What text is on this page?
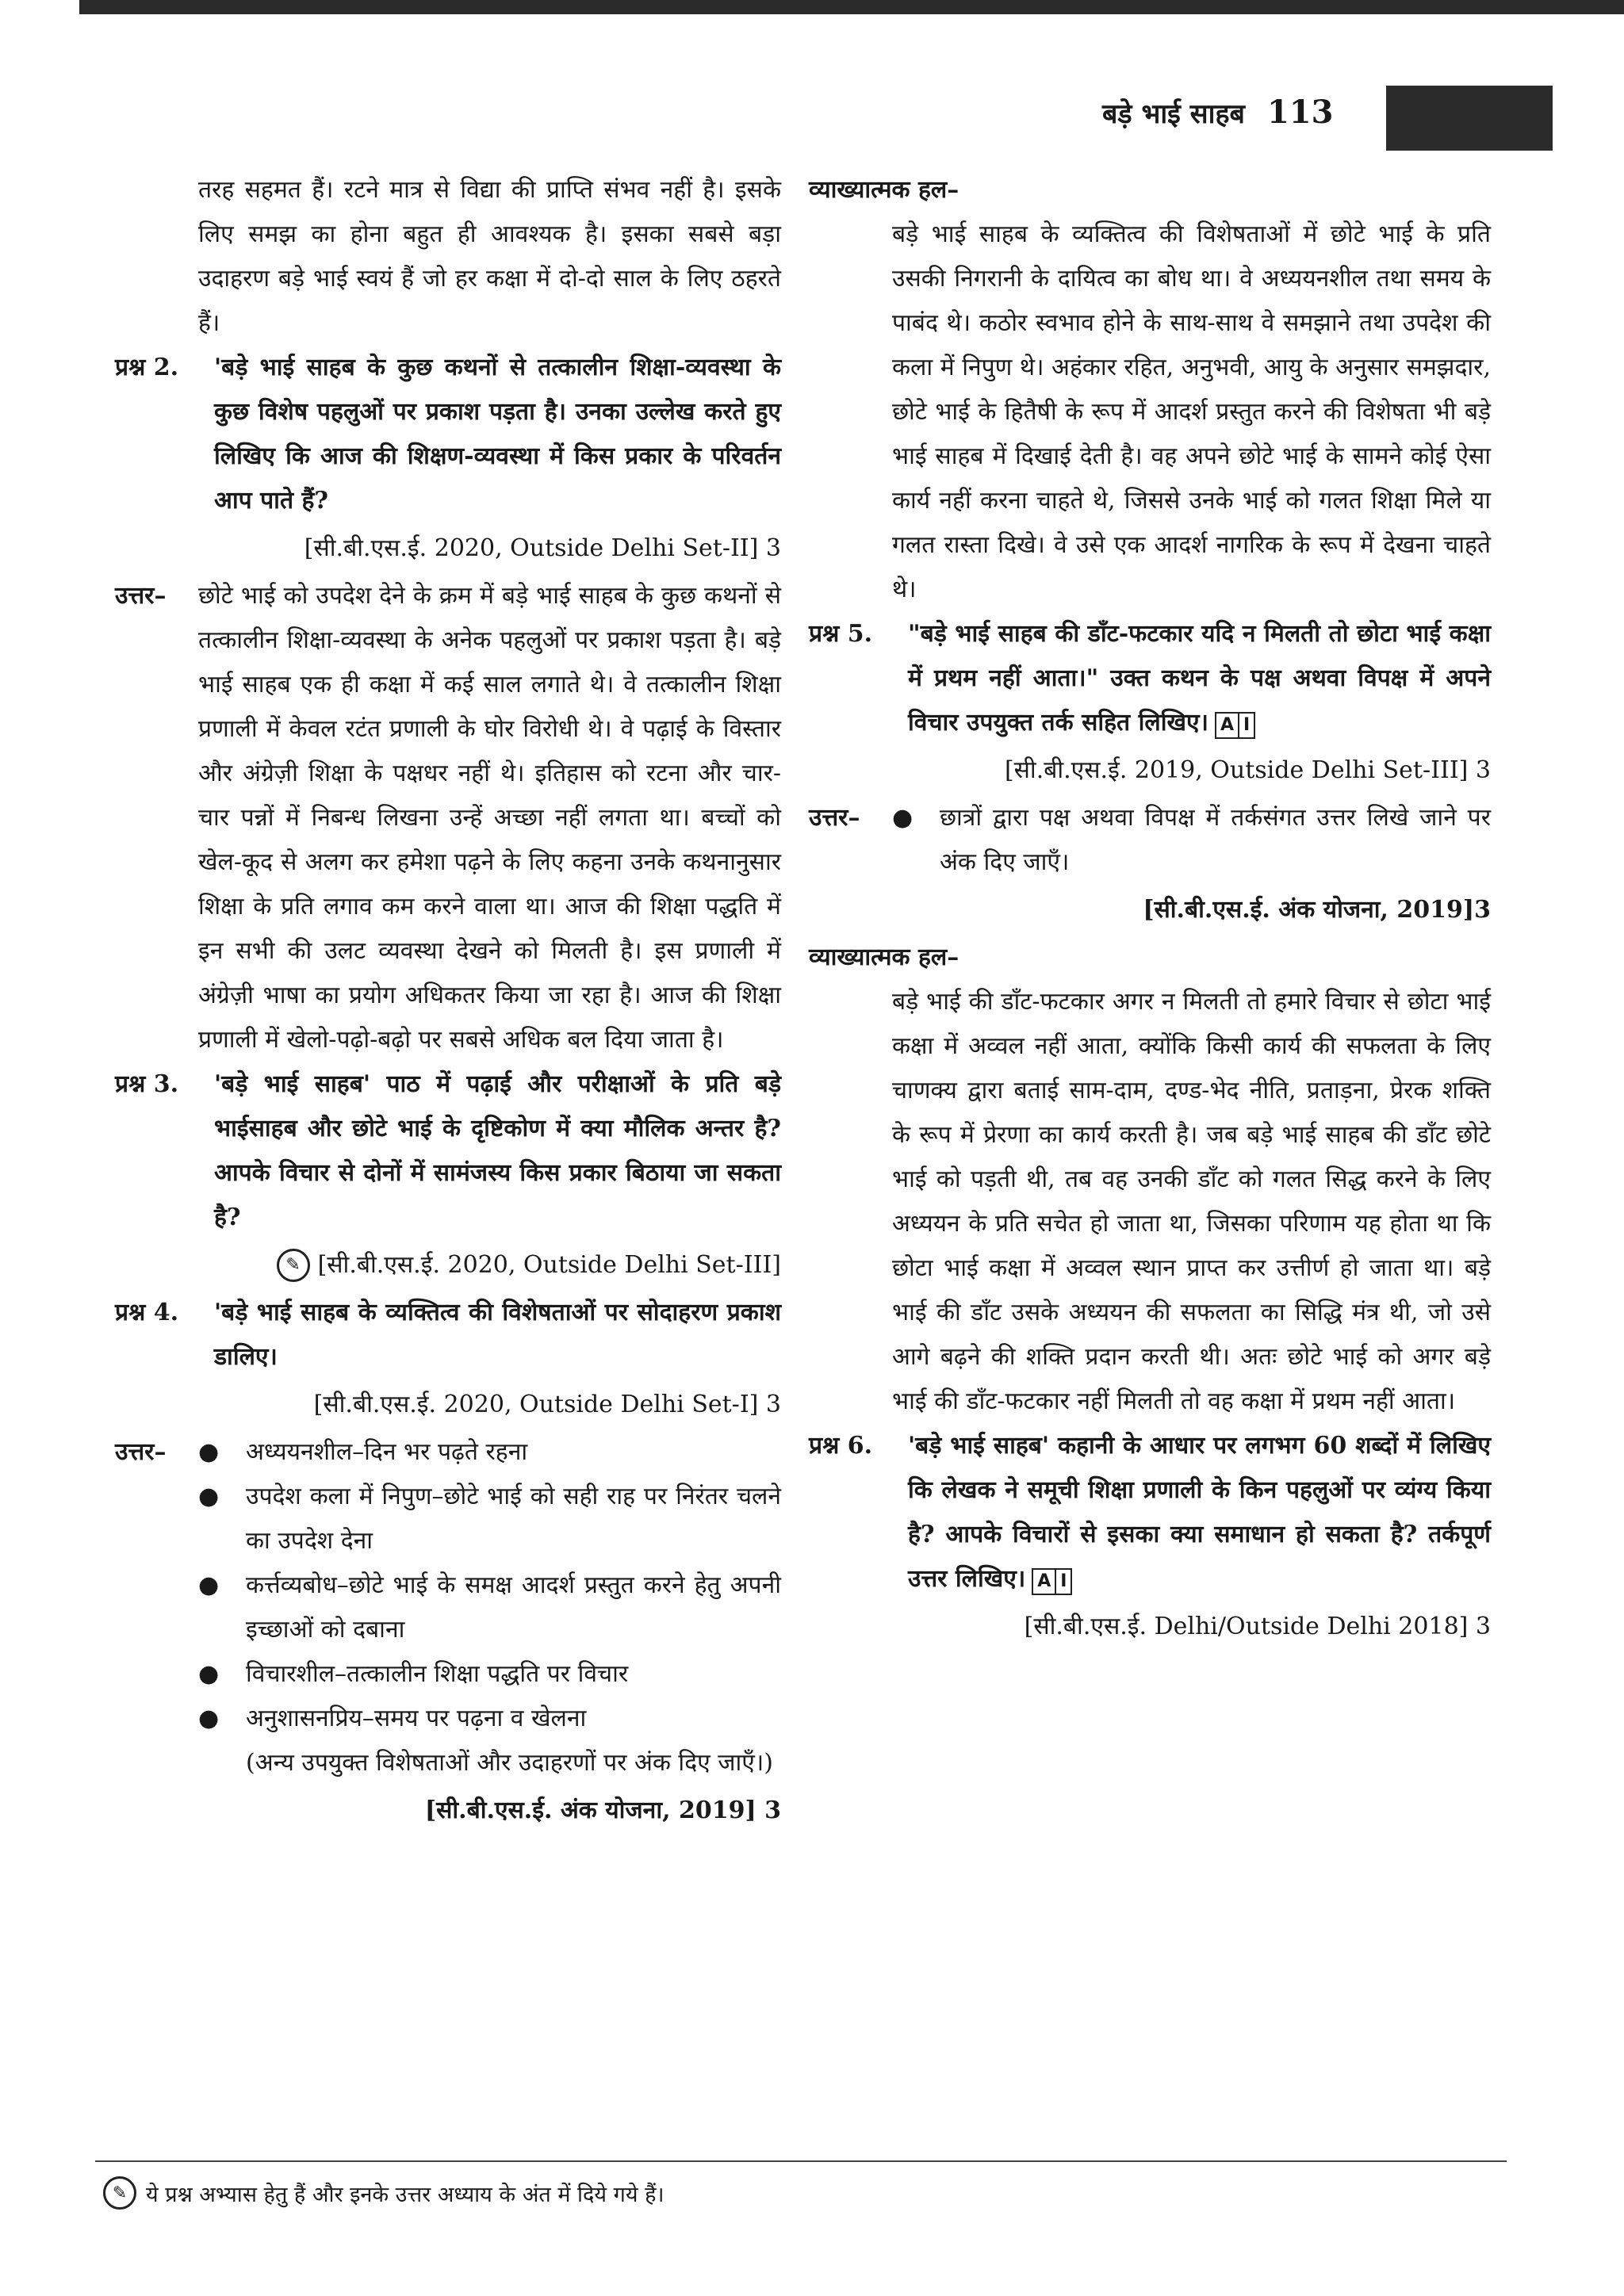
बड़े भाई साहब 113

तरह सहमत हैं। रटने मात्र से विद्या की प्राप्ति संभव नहीं है। इसके लिए समझ का होना बहुत ही आवश्यक है। इसका सबसे बड़ा उदाहरण बड़े भाई स्वयं हैं जो हर कक्षा में दो-दो साल के लिए ठहरते हैं।

प्रश्न 2.	'बड़े भाई साहब के कुछ कथनों से तत्कालीन शिक्षा-व्यवस्था के कुछ विशेष पहलुओं पर प्रकाश पड़ता है। उनका उल्लेख करते हुए लिखिए कि आज की शिक्षण-व्यवस्था में किस प्रकार के परिवर्तन आप पाते हैं?
[सी.बी.एस.ई. 2020, Outside Delhi Set-II] 3
उत्तर–	छोटे भाई को उपदेश देने के क्रम में बड़े भाई साहब के कुछ कथनों से तत्कालीन शिक्षा-व्यवस्था के अनेक पहलुओं पर प्रकाश पड़ता है। बड़े भाई साहब एक ही कक्षा में कई साल लगाते थे। वे तत्कालीन शिक्षा प्रणाली में केवल रटंत प्रणाली के घोर विरोधी थे। वे पढ़ाई के विस्तार और अंग्रेज़ी शिक्षा के पक्षधर नहीं थे। इतिहास को रटना और चार-चार पन्नों में निबन्ध लिखना उन्हें अच्छा नहीं लगता था। बच्चों को खेल-कूद से अलग कर हमेशा पढ़ने के लिए कहना उनके कथनानुसार शिक्षा के प्रति लगाव कम करने वाला था। आज की शिक्षा पद्धति में इन सभी की उलट व्यवस्था देखने को मिलती है। इस प्रणाली में अंग्रेज़ी भाषा का प्रयोग अधिकतर किया जा रहा है। आज की शिक्षा प्रणाली में खेलो-पढ़ो-बढ़ो पर सबसे अधिक बल दिया जाता है।
प्रश्न 3.	'बड़े भाई साहब' पाठ में पढ़ाई और परीक्षाओं के प्रति बड़े भाईसाहब और छोटे भाई के दृष्टिकोण में क्या मौलिक अन्तर है? आपके विचार से दोनों में सामंजस्य किस प्रकार बिठाया जा सकता है?
✎ [सी.बी.एस.ई. 2020, Outside Delhi Set-III]
प्रश्न 4.	'बड़े भाई साहब के व्यक्तित्व की विशेषताओं पर सोदाहरण प्रकाश डालिए।
[सी.बी.एस.ई. 2020, Outside Delhi Set-I] 3
उत्तर–	●	अध्ययनशील–दिन भर पढ़ते रहना
●	उपदेश कला में निपुण–छोटे भाई को सही राह पर निरंतर चलने का उपदेश देना
●	कर्त्तव्यबोध–छोटे भाई के समक्ष आदर्श प्रस्तुत करने हेतु अपनी इच्छाओं को दबाना
●	विचारशील–तत्कालीन शिक्षा पद्धति पर विचार
●	अनुशासनप्रिय–समय पर पढ़ना व खेलना
(अन्य उपयुक्त विशेषताओं और उदाहरणों पर अंक दिए जाएँ।)
[सी.बी.एस.ई. अंक योजना, 2019] 3

व्याख्यात्मक हल–

बड़े भाई साहब के व्यक्तित्व की विशेषताओं में छोटे भाई के प्रति उसकी निगरानी के दायित्व का बोध था। वे अध्ययनशील तथा समय के पाबंद थे। कठोर स्वभाव होने के साथ-साथ वे समझाने तथा उपदेश की कला में निपुण थे। अहंकार रहित, अनुभवी, आयु के अनुसार समझदार, छोटे भाई के हितैषी के रूप में आदर्श प्रस्तुत करने की विशेषता भी बड़े भाई साहब में दिखाई देती है। वह अपने छोटे भाई के सामने कोई ऐसा कार्य नहीं करना चाहते थे, जिससे उनके भाई को गलत शिक्षा मिले या गलत रास्ता दिखे। वे उसे एक आदर्श नागरिक के रूप में देखना चाहते थे।

प्रश्न 5.	"बड़े भाई साहब की डाँट-फटकार यदि न मिलती तो छोटा भाई कक्षा में प्रथम नहीं आता।" उक्त कथन के पक्ष अथवा विपक्ष में अपने विचार उपयुक्त तर्क सहित लिखिए। A I
[सी.बी.एस.ई. 2019, Outside Delhi Set-III] 3
उत्तर–	●	छात्रों द्वारा पक्ष अथवा विपक्ष में तर्कसंगत उत्तर लिखे जाने पर अंक दिए जाएँ।
[सी.बी.एस.ई. अंक योजना, 2019]3

व्याख्यात्मक हल–

बड़े भाई की डाँट-फटकार अगर न मिलती तो हमारे विचार से छोटा भाई कक्षा में अव्वल नहीं आता, क्योंकि किसी कार्य की सफलता के लिए चाणक्य द्वारा बताई साम-दाम, दण्ड-भेद नीति, प्रताड़ना, प्रेरक शक्ति के रूप में प्रेरणा का कार्य करती है। जब बड़े भाई साहब की डाँट छोटे भाई को पड़ती थी, तब वह उनकी डाँट को गलत सिद्ध करने के लिए अध्ययन के प्रति सचेत हो जाता था, जिसका परिणाम यह होता था कि छोटा भाई कक्षा में अव्वल स्थान प्राप्त कर उत्तीर्ण हो जाता था। बड़े भाई की डाँट उसके अध्ययन की सफलता का सिद्धि मंत्र थी, जो उसे आगे बढ़ने की शक्ति प्रदान करती थी। अतः छोटे भाई को अगर बड़े भाई की डाँट-फटकार नहीं मिलती तो वह कक्षा में प्रथम नहीं आता।

प्रश्न 6.	'बड़े भाई साहब' कहानी के आधार पर लगभग 60 शब्दों में लिखिए कि लेखक ने समूची शिक्षा प्रणाली के किन पहलुओं पर व्यंग्य किया है? आपके विचारों से इसका क्या समाधान हो सकता है? तर्कपूर्ण उत्तर लिखिए। A I
[सी.बी.एस.ई. Delhi/Outside Delhi 2018] 3
✎ ये प्रश्न अभ्यास हेतु हैं और इनके उत्तर अध्याय के अंत में दिये गये हैं।
